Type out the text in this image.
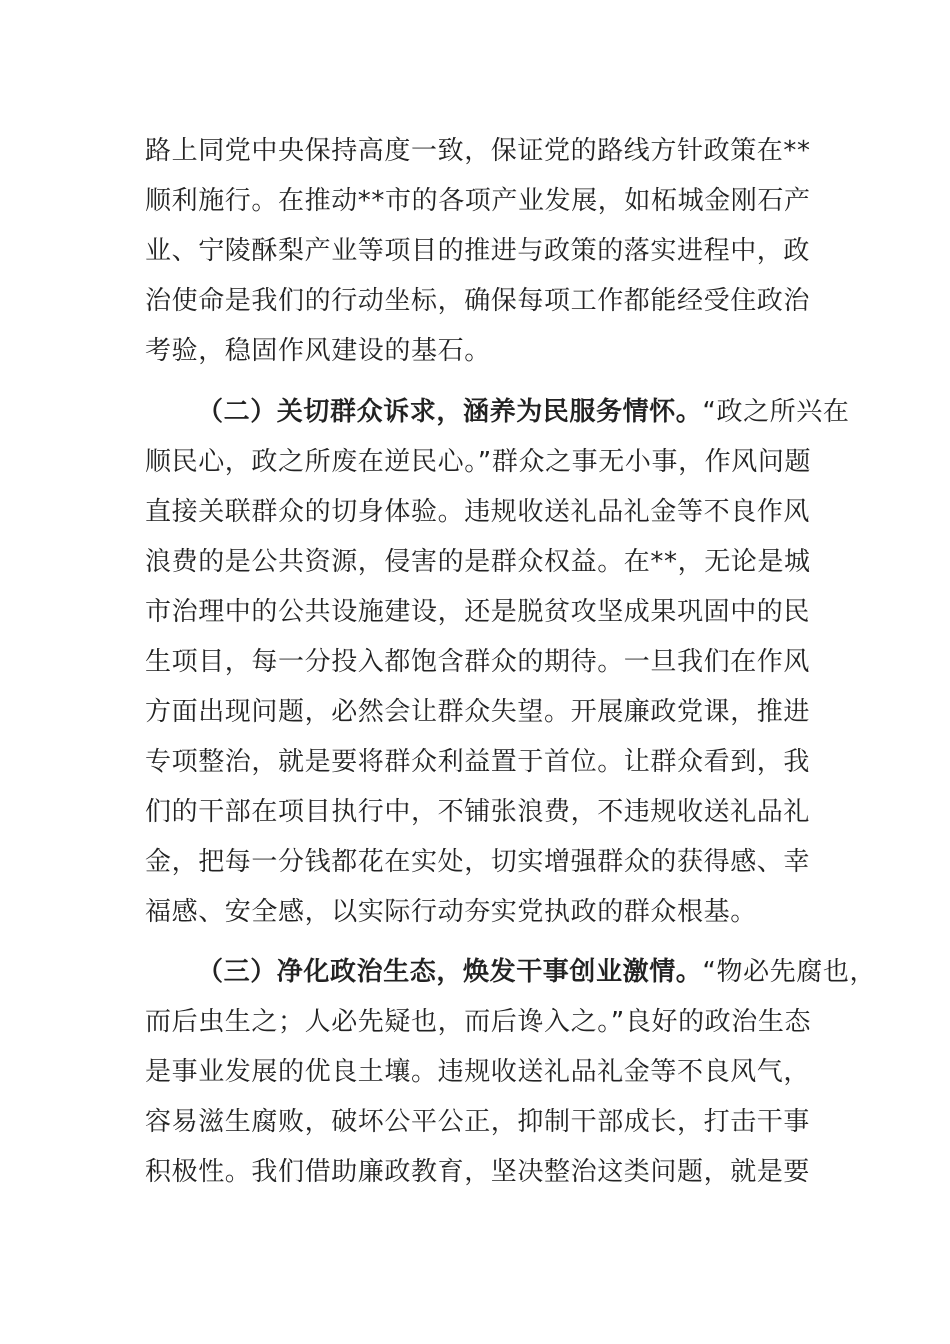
路上同党中央保持高度一致，保证党的路线方针政策在**
顺利施行。在推动**市的各项产业发展，如柘城金刚石产
业、宁陵酥梨产业等项目的推进与政策的落实进程中，政
治使命是我们的行动坐标，确保每项工作都能经受住政治
考验，稳固作风建设的基石。
（二）关切群众诉求，涵养为民服务情怀。“政之所兴在
顺民心，政之所废在逆民心。”群众之事无小事，作风问题
直接关联群众的切身体验。违规收送礼品礼金等不良作风
浪费的是公共资源，侵害的是群众权益。在**，无论是城
市治理中的公共设施建设，还是脱贫攻坚成果巩固中的民
生项目，每一分投入都饱含群众的期待。一旦我们在作风
方面出现问题，必然会让群众失望。开展廉政党课，推进
专项整治，就是要将群众利益置于首位。让群众看到，我
们的干部在项目执行中，不铺张浪费，不违规收送礼品礼
金，把每一分钱都花在实处，切实增强群众的获得感、幸
福感、安全感，以实际行动夯实党执政的群众根基。
（三）净化政治生态，焕发干事创业激情。“物必先腐也，
而后虫生之；人必先疑也，而后谗入之。”良好的政治生态
是事业发展的优良土壤。违规收送礼品礼金等不良风气，
容易滋生腐败，破坏公平公正，抑制干部成长，打击干事
积极性。我们借助廉政教育，坚决整治这类问题，就是要
